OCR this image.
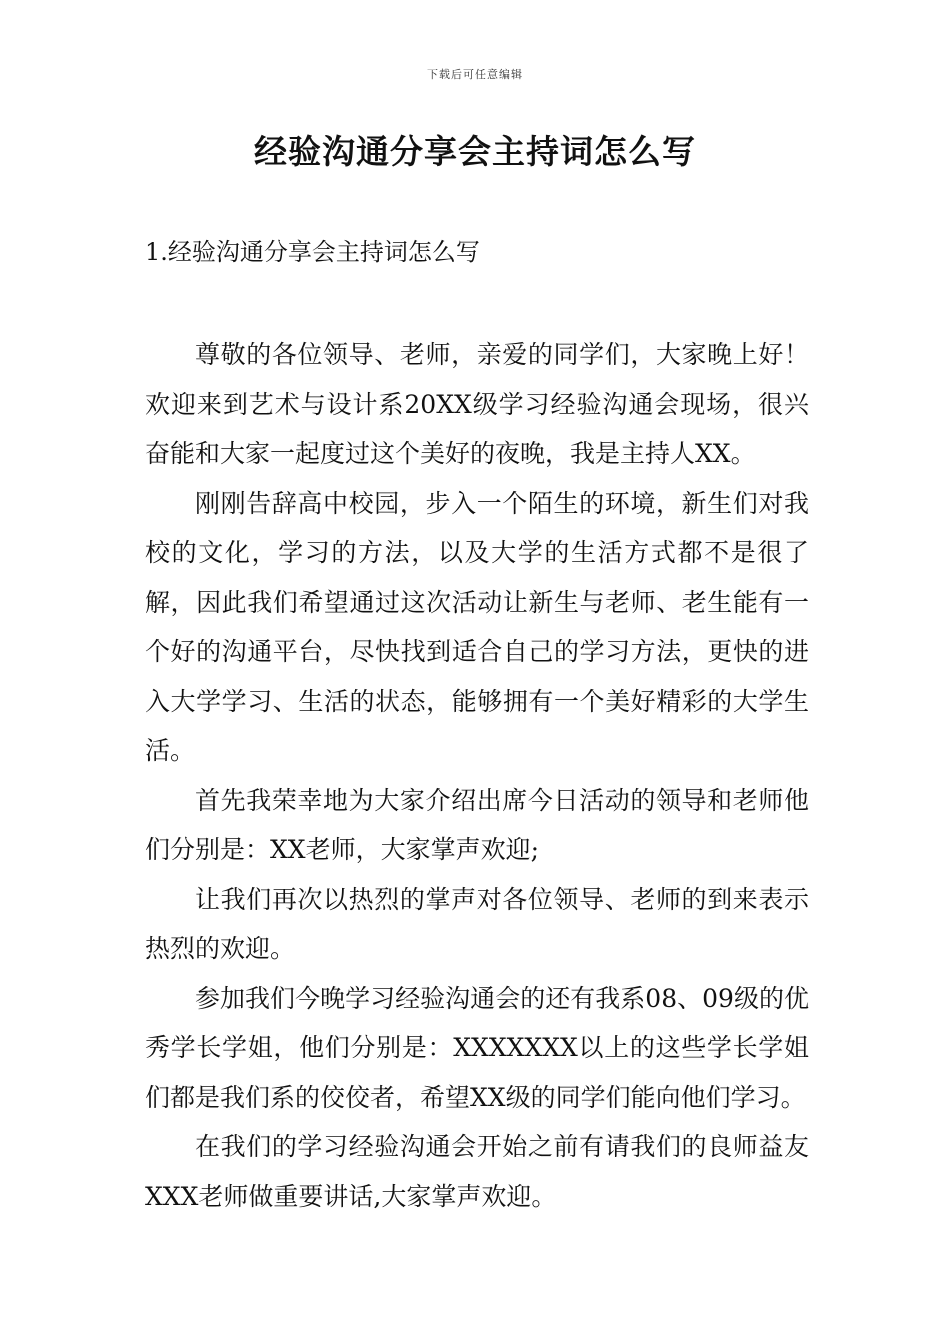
下载后可任意编辑
经验沟通分享会主持词怎么写
1.经验沟通分享会主持词怎么写

尊敬的各位领导、老师，亲爱的同学们，大家晚上好！欢迎来到艺术与设计系20XX级学习经验沟通会现场，很兴奋能和大家一起度过这个美好的夜晚，我是主持人XX。

刚刚告辞高中校园，步入一个陌生的环境，新生们对我校的文化，学习的方法，以及大学的生活方式都不是很了解，因此我们希望通过这次活动让新生与老师、老生能有一个好的沟通平台，尽快找到适合自己的学习方法，更快的进入大学学习、生活的状态，能够拥有一个美好精彩的大学生活。

首先我荣幸地为大家介绍出席今日活动的领导和老师他们分别是：XX老师，大家掌声欢迎;

让我们再次以热烈的掌声对各位领导、老师的到来表示热烈的欢迎。

参加我们今晚学习经验沟通会的还有我系08、09级的优秀学长学姐，他们分别是：XXXXXXX以上的这些学长学姐们都是我们系的佼佼者，希望XX级的同学们能向他们学习。

在我们的学习经验沟通会开始之前有请我们的良师益友XXX老师做重要讲话,大家掌声欢迎。
